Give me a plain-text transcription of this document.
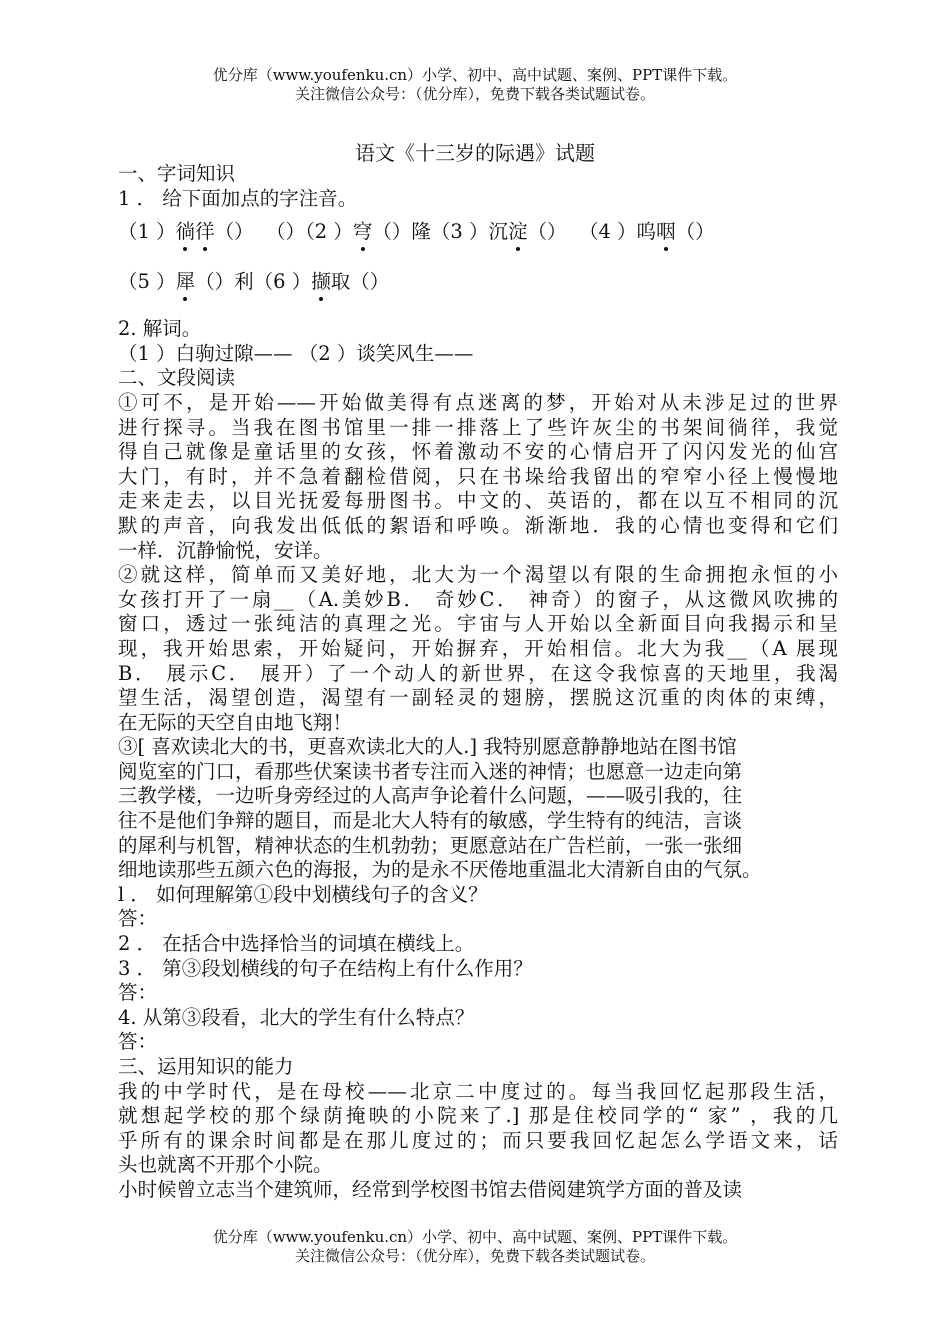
优分库（www.youfenku.cn）小学、初中、高中试题、案例、PPT课件下载。
关注微信公众号：（优分库），免费下载各类试题试卷。
语文《十三岁的际遇》试题
一、字词知识
1 ． 给下面加点的字注音。
（1 ）徜徉（）  （）（2 ）穹（）隆（3 ）沉淀（）  （4 ）呜咽（）
（5 ）犀（）利（6 ）撷取（）
2. 解词。
（1 ）白驹过隙—— （2 ）谈笑风生——
二、文段阅读
①可不，是开始——开始做美得有点迷离的梦，开始对从未涉足过的世界
进行探寻。当我在图书馆里一排一排落上了些许灰尘的书架间徜徉，我觉
得自己就像是童话里的女孩，怀着激动不安的心情启开了闪闪发光的仙宫
大门，有时，并不急着翻检借阅，只在书垛给我留出的窄窄小径上慢慢地
走来走去，以目光抚爱每册图书。中文的、英语的，都在以互不相同的沉
默的声音，向我发出低低的絮语和呼唤。渐渐地．我的心情也变得和它们
一样．沉静愉悦，安详。
②就这样，简单而又美好地，北大为一个渴望以有限的生命拥抱永恒的小
女孩打开了一扇__（A.美妙B． 奇妙C． 神奇）的窗子，从这微风吹拂的
窗口，透过一张纯洁的真理之光。宇宙与人开始以全新面目向我揭示和呈
现，我开始思索，开始疑问，开始摒弃，开始相信。北大为我__（A 展现
B． 展示C． 展开）了一个动人的新世界，在这令我惊喜的天地里，我渴
望生活，渴望创造，渴望有一副轻灵的翅膀，摆脱这沉重的肉体的束缚，
在无际的天空自由地飞翔！
③[ 喜欢读北大的书，更喜欢读北大的人.] 我特别愿意静静地站在图书馆
阅览室的门口，看那些伏案读书者专注而入迷的神情；也愿意一边走向第
三教学楼，一边听身旁经过的人高声争论着什么问题，——吸引我的，往
往不是他们争辩的题目，而是北大人特有的敏感，学生特有的纯洁，言谈
的犀利与机智，精神状态的生机勃勃；更愿意站在广告栏前，一张一张细
细地读那些五颜六色的海报，为的是永不厌倦地重温北大清新自由的气氛。
l ． 如何理解第①段中划横线句子的含义？
答：
2 ． 在括合中选择恰当的词填在横线上。
3 ． 第③段划横线的句子在结构上有什么作用？
答：
4. 从第③段看，北大的学生有什么特点？
答：
三、运用知识的能力
我的中学时代，是在母校——北京二中度过的。每当我回忆起那段生活，
就想起学校的那个绿荫掩映的小院来了.] 那是住校同学的“ 家” ，我的几
乎所有的课余时间都是在那儿度过的；而只要我回忆起怎么学语文来，话
头也就离不开那个小院。
小时候曾立志当个建筑师，经常到学校图书馆去借阅建筑学方面的普及读
优分库（www.youfenku.cn）小学、初中、高中试题、案例、PPT课件下载。
关注微信公众号：（优分库），免费下载各类试题试卷。
